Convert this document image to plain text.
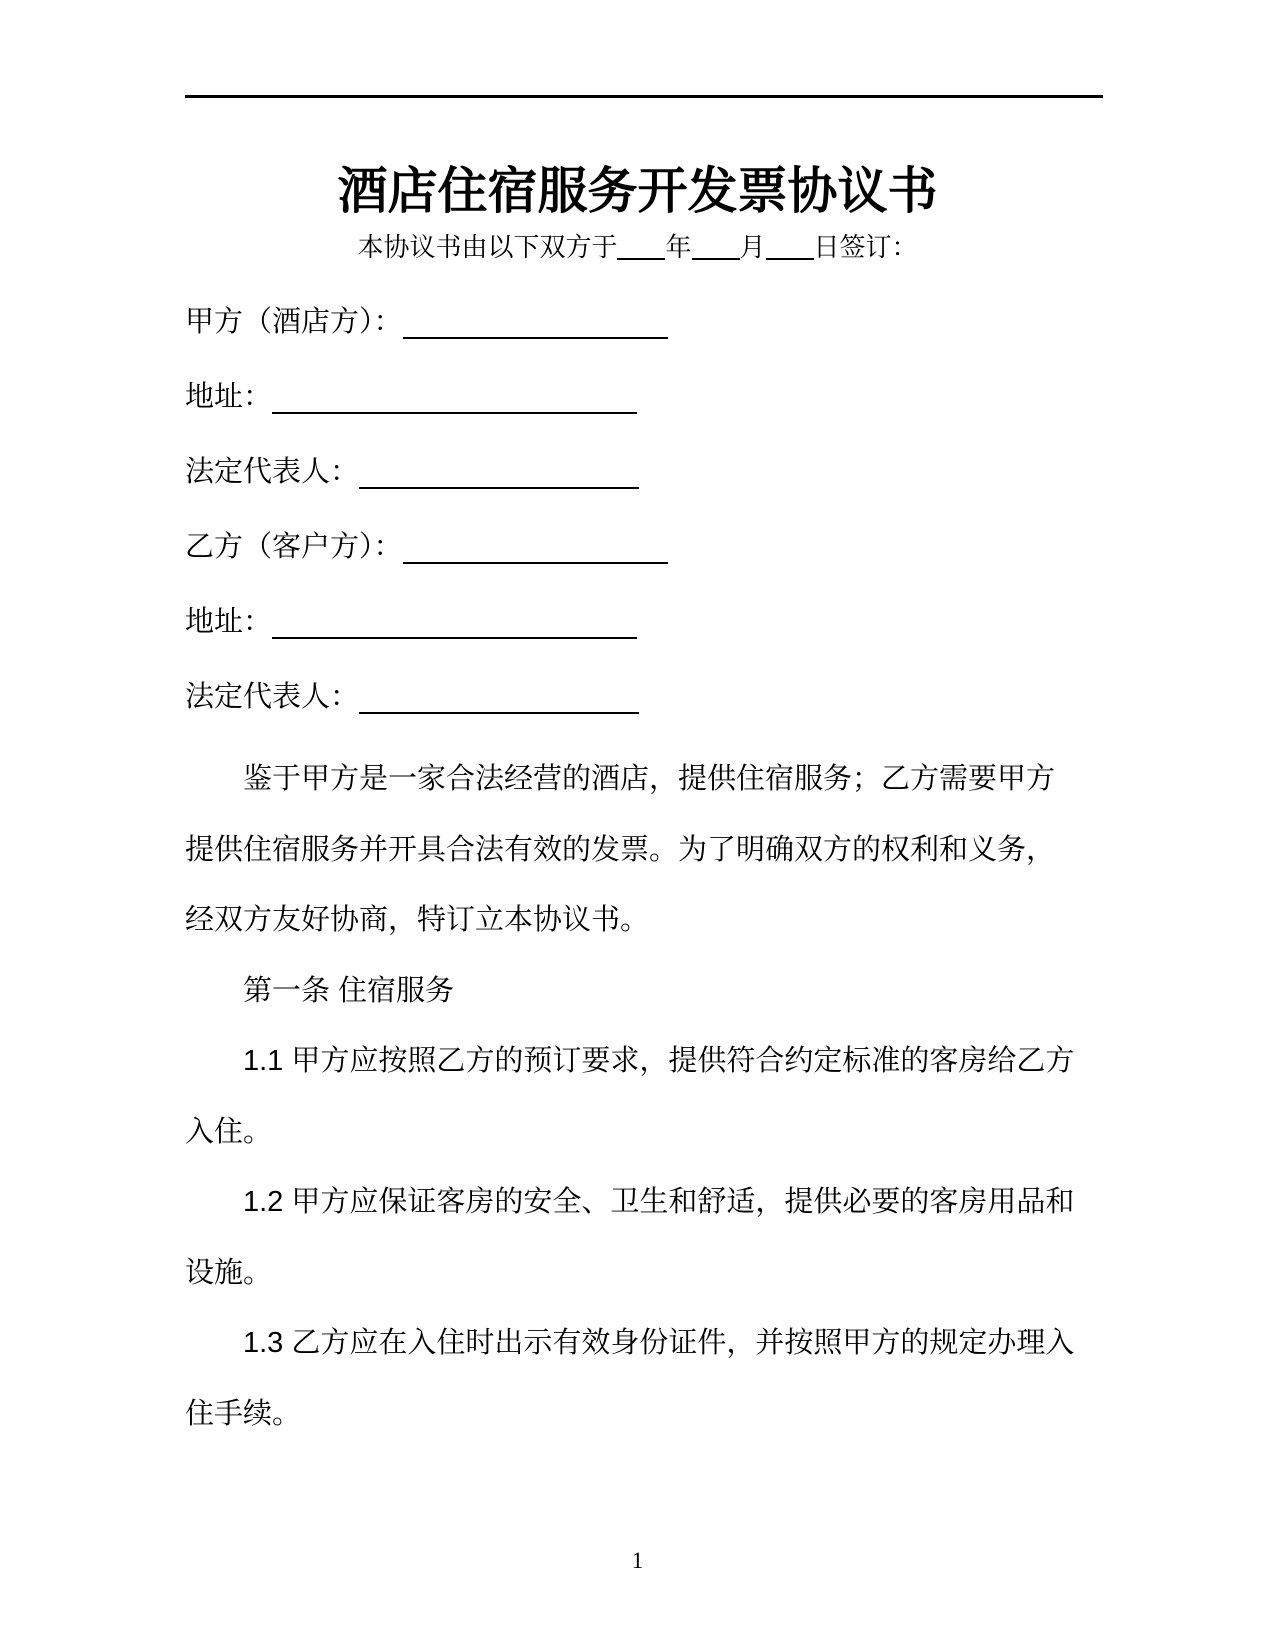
酒店住宿服务开发票协议书

本协议书由以下双方于 年 月 日签订：

甲方（酒店方）：

地址：

法定代表人：

乙方（客户方）：

地址：

法定代表人：

鉴于甲方是一家合法经营的酒店，提供住宿服务；乙方需要甲方
提供住宿服务并开具合法有效的发票。为了明确双方的权利和义务，
经双方友好协商，特订立本协议书。
第一条 住宿服务
1.1 甲方应按照乙方的预订要求，提供符合约定标准的客房给乙方
入住。
1.2 甲方应保证客房的安全、卫生和舒适，提供必要的客房用品和
设施。
1.3 乙方应在入住时出示有效身份证件，并按照甲方的规定办理入
住手续。
1
